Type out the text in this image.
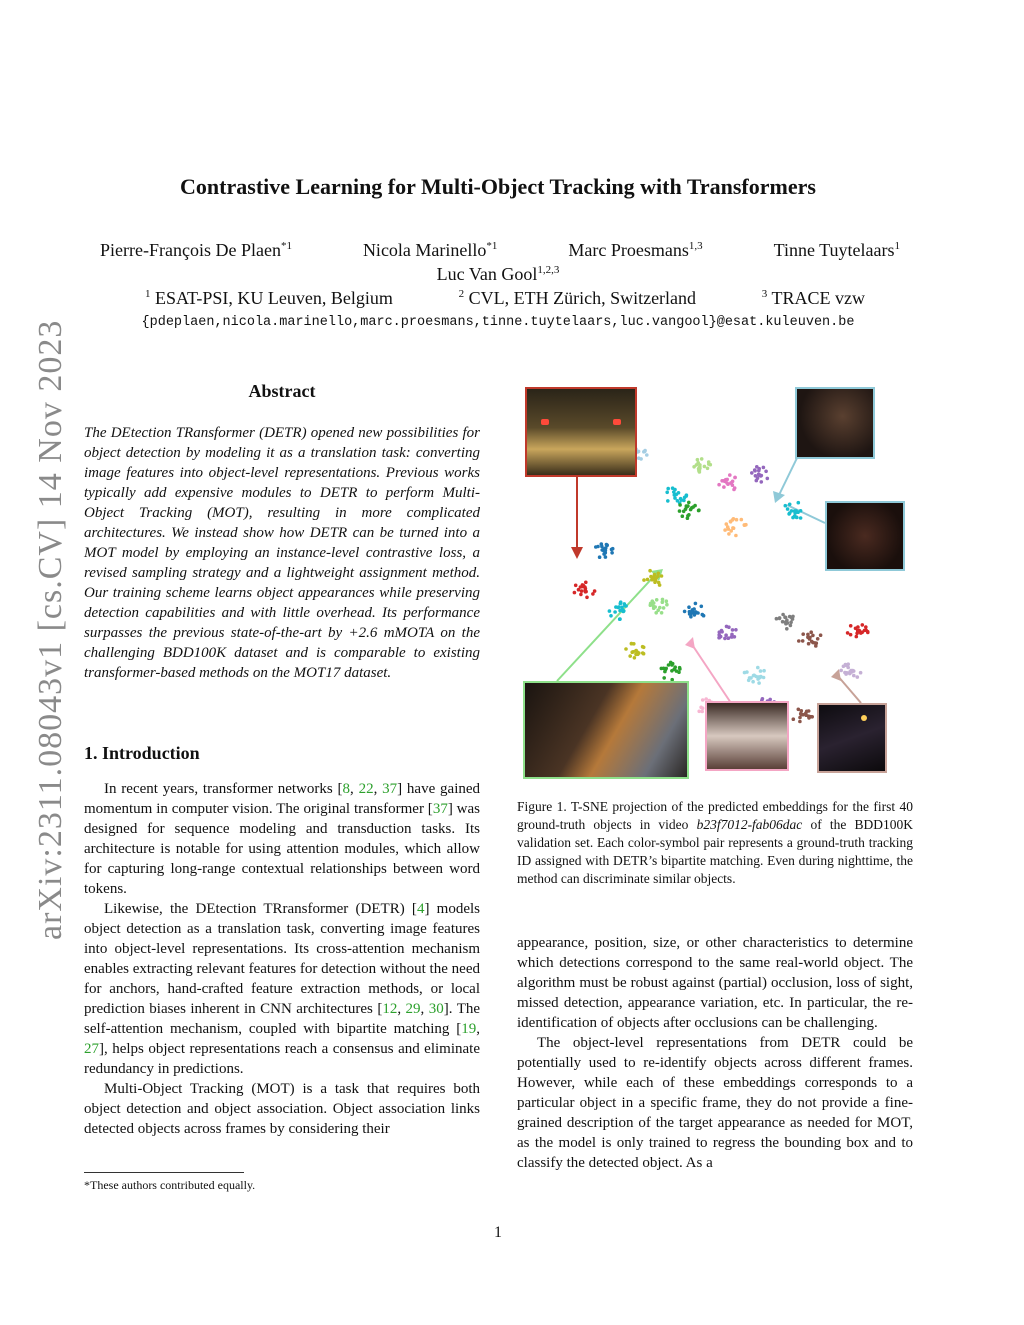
arXiv:2311.08043v1 [cs.CV] 14 Nov 2023
Contrastive Learning for Multi-Object Tracking with Transformers
Pierre-François De Plaen$^{*1}$	Nicola Marinello$^{*1}$	Marc Proesmans$^{1,3}$	Tinne Tuytelaars$^1$
Luc Van Gool$^{1,2,3}$
$^1$ ESAT-PSI, KU Leuven, Belgium	$^2$ CVL, ETH Zürich, Switzerland	$^3$ TRACE vzw
{pdeplaen,nicola.marinello,marc.proesmans,tinne.tuytelaars,luc.vangool}@esat.kuleuven.be
Abstract
The DEtection TRansformer (DETR) opened new possibilities for object detection by modeling it as a translation task: converting image features into object-level representations. Previous works typically add expensive modules to DETR to perform Multi-Object Tracking (MOT), resulting in more complicated architectures. We instead show how DETR can be turned into a MOT model by employing an instance-level contrastive loss, a revised sampling strategy and a lightweight assignment method. Our training scheme learns object appearances while preserving detection capabilities and with little overhead. Its performance surpasses the previous state-of-the-art by +2.6 mMOTA on the challenging BDD100K dataset and is comparable to existing transformer-based methods on the MOT17 dataset.
1. Introduction

In recent years, transformer networks [8, 22, 37] have gained momentum in computer vision. The original transformer [37] was designed for sequence modeling and transduction tasks. Its architecture is notable for using attention modules, which allow for capturing long-range contextual relationships between word tokens.

Likewise, the DEtection TRransformer (DETR) [4] models object detection as a translation task, converting image features into object-level representations. Its cross-attention mechanism enables extracting relevant features for detection without the need for anchors, hand-crafted feature extraction methods, or local prediction biases inherent in CNN architectures [12, 29, 30]. The self-attention mechanism, coupled with bipartite matching [19, 27], helps object representations reach a consensus and eliminate redundancy in predictions.

Multi-Object Tracking (MOT) is a task that requires both object detection and object association. Object association links detected objects across frames by considering their

*These authors contributed equally.
Figure 1. T-SNE projection of the predicted embeddings for the first 40 ground-truth objects in video b23f7012-fab06dac of the BDD100K validation set. Each color-symbol pair represents a ground-truth tracking ID assigned with DETR’s bipartite matching. Even during nighttime, the method can discriminate similar objects.

appearance, position, size, or other characteristics to determine which detections correspond to the same real-world object. The algorithm must be robust against (partial) occlusion, loss of sight, missed detection, appearance variation, etc. In particular, the re-identification of objects after occlusions can be challenging.

The object-level representations from DETR could be potentially used to re-identify objects across different frames. However, while each of these embeddings corresponds to a particular object in a specific frame, they do not provide a fine-grained description of the target appearance as needed for MOT, as the model is only trained to regress the bounding box and to classify the detected object. As a

1
